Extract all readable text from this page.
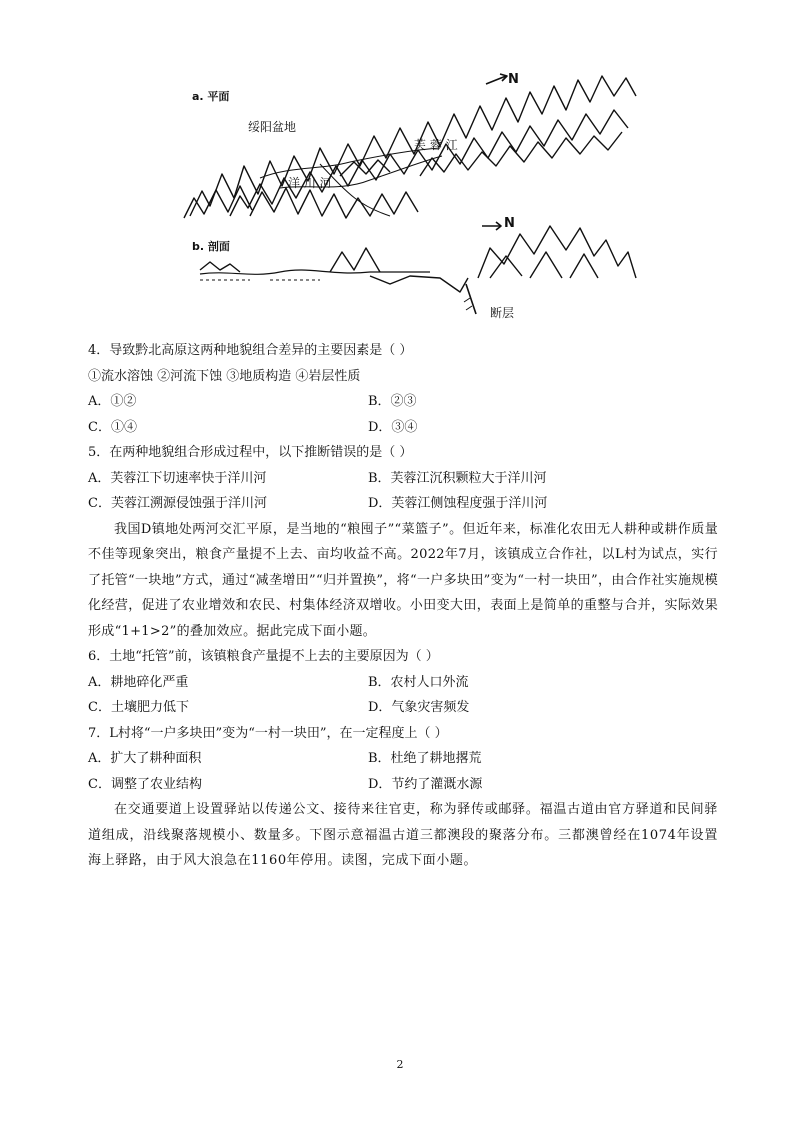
a. 平面
N
绥阳盆地
芙 蓉 江
洋 川 河
b. 剖面
N
断层
4．导致黔北高原这两种地貌组合差异的主要因素是（ ）
①流水溶蚀 ②河流下蚀 ③地质构造 ④岩层性质
A．①②	B．②③
C．①④	D．③④
5．在两种地貌组合形成过程中，以下推断错误的是（ ）
A．芙蓉江下切速率快于洋川河	B．芙蓉江沉积颗粒大于洋川河
C．芙蓉江溯源侵蚀强于洋川河	D．芙蓉江侧蚀程度强于洋川河
我国D镇地处两河交汇平原，是当地的“粮囤子”“菜篮子”。但近年来，标准化农田无人耕种或耕作质量不佳等现象突出，粮食产量提不上去、亩均收益不高。2022年7月，该镇成立合作社，以L村为试点，实行了托管“一块地”方式，通过“减垄增田”“归并置换”，将“一户多块田”变为“一村一块田”，由合作社实施规模化经营，促进了农业增效和农民、村集体经济双增收。小田变大田，表面上是简单的重整与合并，实际效果形成“1+1>2”的叠加效应。据此完成下面小题。
6．土地“托管”前，该镇粮食产量提不上去的主要原因为（ ）
A．耕地碎化严重	B．农村人口外流
C．土壤肥力低下	D．气象灾害频发
7．L村将“一户多块田”变为“一村一块田”，在一定程度上（ ）
A．扩大了耕种面积	B．杜绝了耕地撂荒
C．调整了农业结构	D．节约了灌溉水源
在交通要道上设置驿站以传递公文、接待来往官吏，称为驿传或邮驿。福温古道由官方驿道和民间驿道组成，沿线聚落规模小、数量多。下图示意福温古道三都澳段的聚落分布。三都澳曾经在1074年设置海上驿路，由于风大浪急在1160年停用。读图，完成下面小题。
2
